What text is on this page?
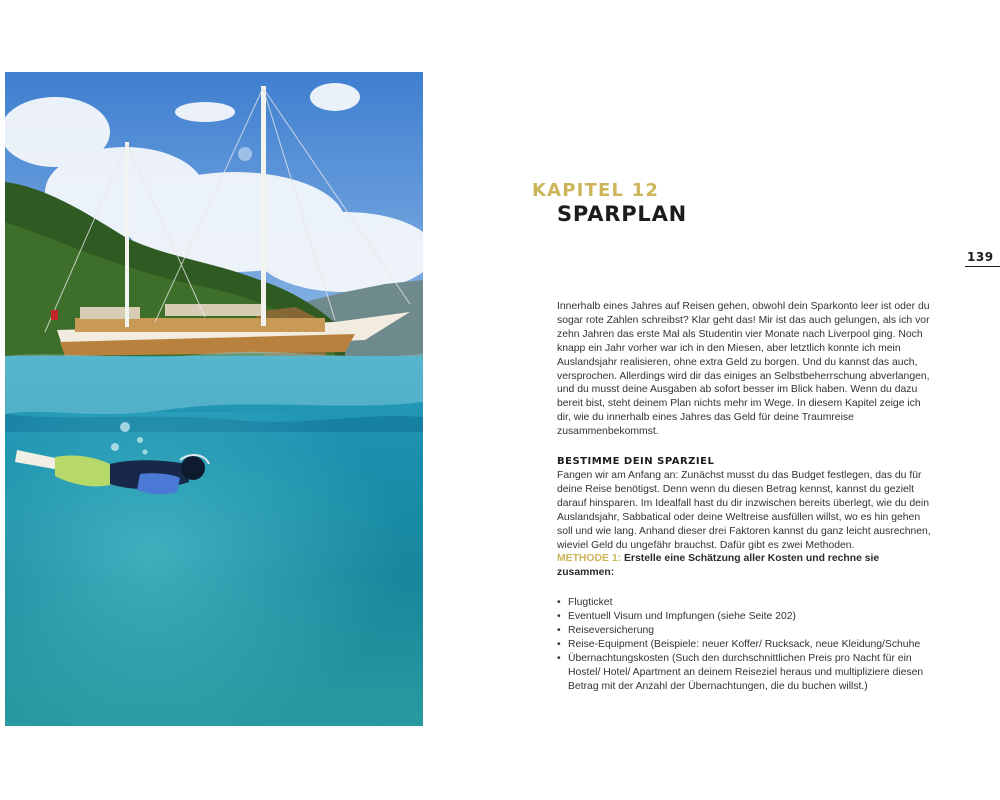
KAPITEL 12
SPARPLAN
139

Innerhalb eines Jahres auf Reisen gehen, obwohl dein Sparkonto leer ist oder du sogar rote Zahlen schreibst? Klar geht das! Mir ist das auch gelungen, als ich vor zehn Jahren das erste Mal als Studentin vier Monate nach Liverpool ging. Noch knapp ein Jahr vorher war ich in den Miesen, aber letztlich konnte ich mein Auslandsjahr realisieren, ohne extra Geld zu borgen. Und du kannst das auch, versprochen. Allerdings wird dir das einiges an Selbstbeherrschung abverlangen, und du musst deine Ausgaben ab sofort besser im Blick haben. Wenn du dazu bereit bist, steht deinem Plan nichts mehr im Wege. In diesem Kapitel zeige ich dir, wie du innerhalb eines Jahres das Geld für deine Traumreise zusammenbekommst.

BESTIMME DEIN SPARZIEL

Fangen wir am Anfang an: Zunächst musst du das Budget festlegen, das du für deine Reise benötigst. Denn wenn du diesen Betrag kennst, kannst du gezielt darauf hinsparen. Im Idealfall hast du dir inzwischen bereits überlegt, wie du dein Auslandsjahr, Sabbatical oder deine Weltreise ausfüllen willst, wo es hin gehen soll und wie lang. Anhand dieser drei Faktoren kannst du ganz leicht ausrechnen, wieviel Geld du ungefähr brauchst. Dafür gibt es zwei Methoden.

METHODE 1: Erstelle eine Schätzung aller Kosten und rechne sie zusammen:

• Flugticket
• Eventuell Visum und Impfungen (siehe Seite 202)
• Reiseversicherung
• Reise-Equipment (Beispiele: neuer Koffer/ Rucksack, neue Kleidung/Schuhe
• Übernachtungskosten (Such den durchschnittlichen Preis pro Nacht für ein Hostel/ Hotel/ Apartment an deinem Reiseziel heraus und multipliziere diesen Betrag mit der Anzahl der Übernachtungen, die du buchen willst.)
